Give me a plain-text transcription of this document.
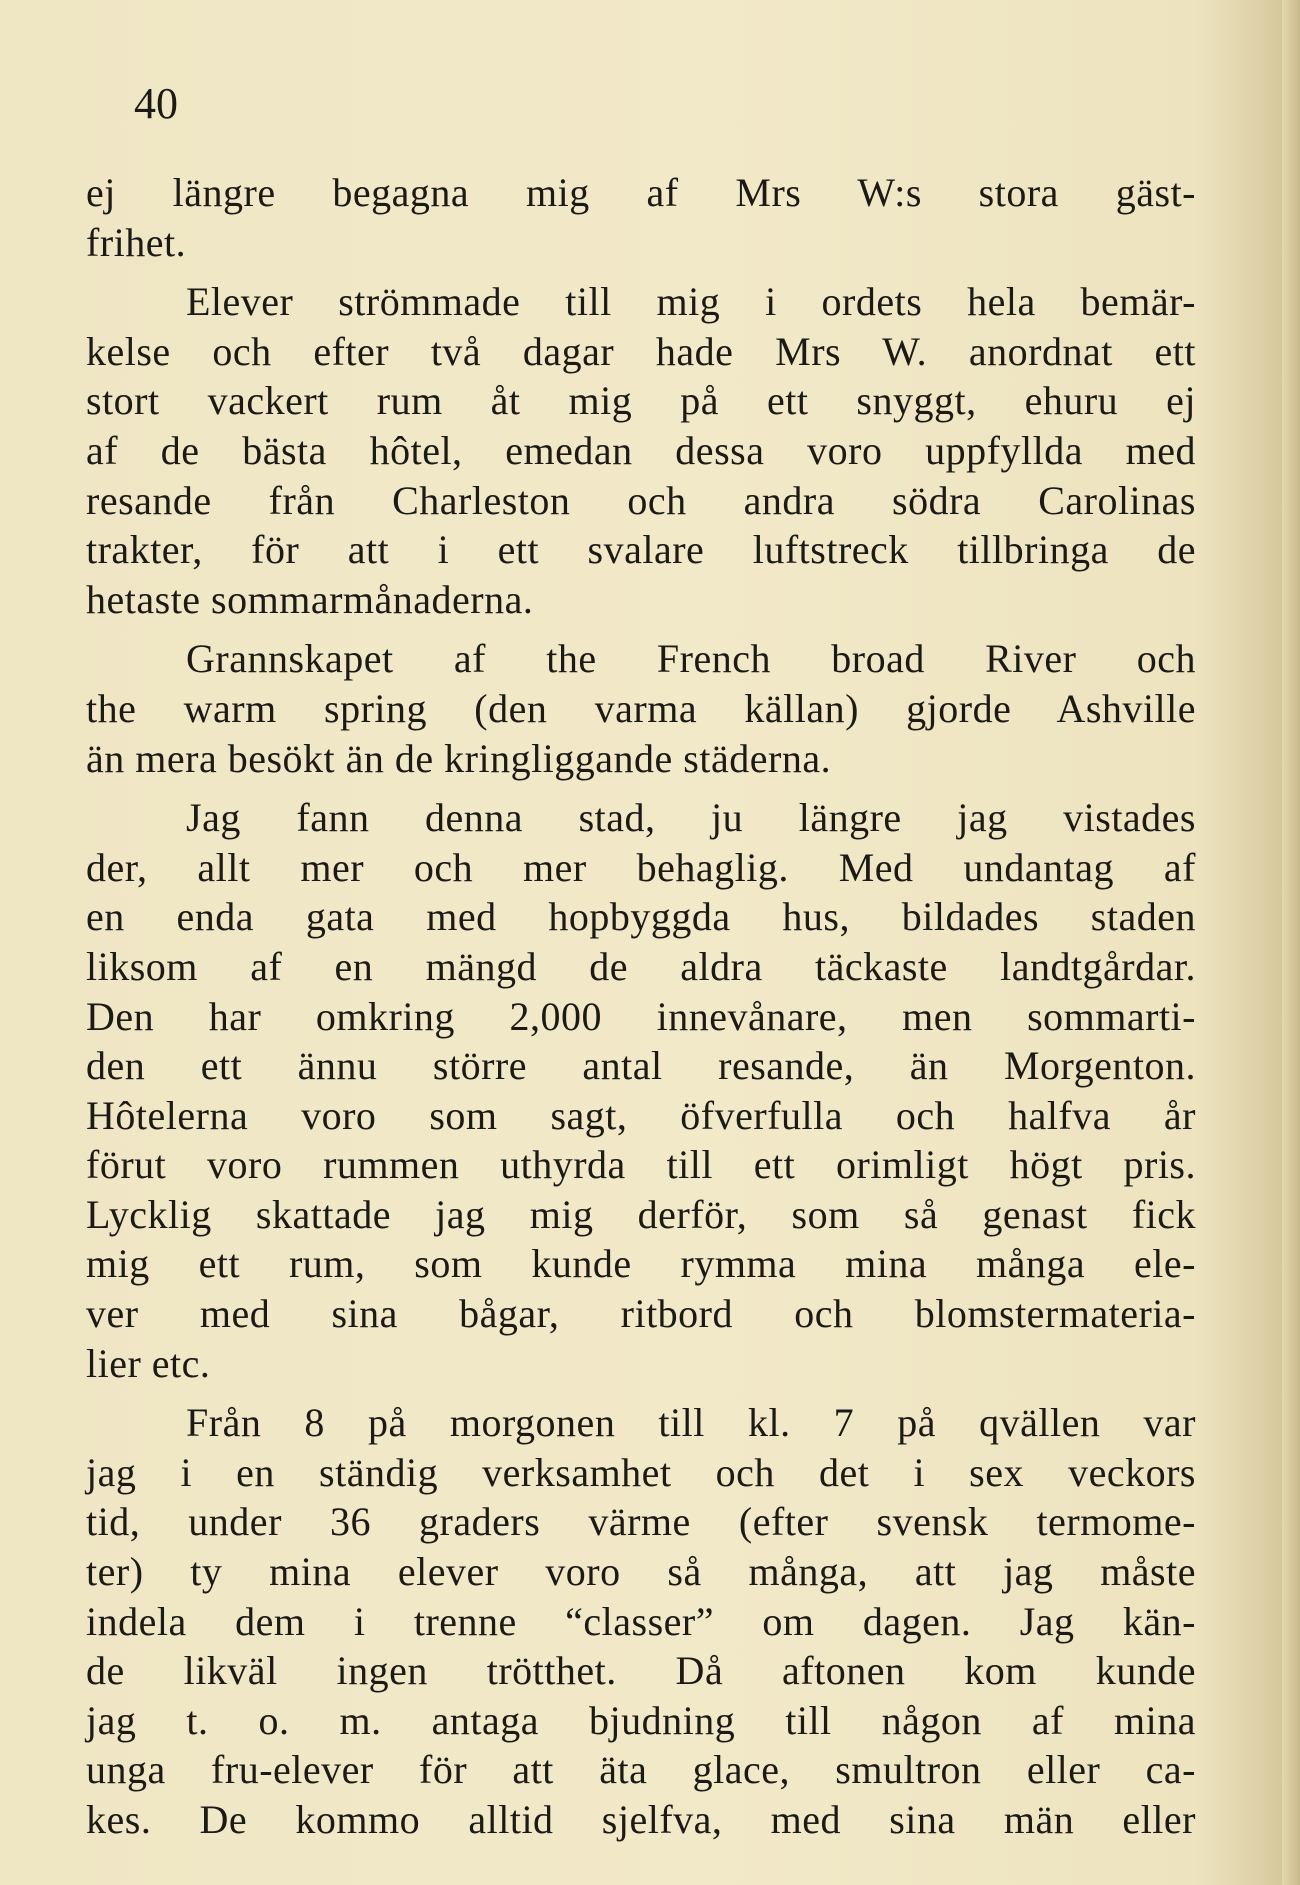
40

ej längre begagna mig af Mrs W:s stora gäst-
frihet.

Elever strömmade till mig i ordets hela bemär-
kelse och efter två dagar hade Mrs W. anordnat ett
stort vackert rum åt mig på ett snyggt, ehuru ej
af de bästa hôtel, emedan dessa voro uppfyllda med
resande från Charleston och andra södra Carolinas
trakter, för att i ett svalare luftstreck tillbringa de
hetaste sommarmånaderna.

Grannskapet af the French broad River och
the warm spring (den varma källan) gjorde Ashville
än mera besökt än de kringliggande städerna.

Jag fann denna stad, ju längre jag vistades
der, allt mer och mer behaglig. Med undantag af
en enda gata med hopbyggda hus, bildades staden
liksom af en mängd de aldra täckaste landtgårdar.
Den har omkring 2,000 innevånare, men sommarti-
den ett ännu större antal resande, än Morgenton.
Hôtelerna voro som sagt, öfverfulla och halfva år
förut voro rummen uthyrda till ett orimligt högt pris.
Lycklig skattade jag mig derför, som så genast fick
mig ett rum, som kunde rymma mina många ele-
ver med sina bågar, ritbord och blomstermateria-
lier etc.

Från 8 på morgonen till kl. 7 på qvällen var
jag i en ständig verksamhet och det i sex veckors
tid, under 36 graders värme (efter svensk termome-
ter) ty mina elever voro så många, att jag måste
indela dem i trenne “classer” om dagen. Jag kän-
de likväl ingen trötthet. Då aftonen kom kunde
jag t. o. m. antaga bjudning till någon af mina
unga fru-elever för att äta glace, smultron eller ca-
kes. De kommo alltid sjelfva, med sina män eller
